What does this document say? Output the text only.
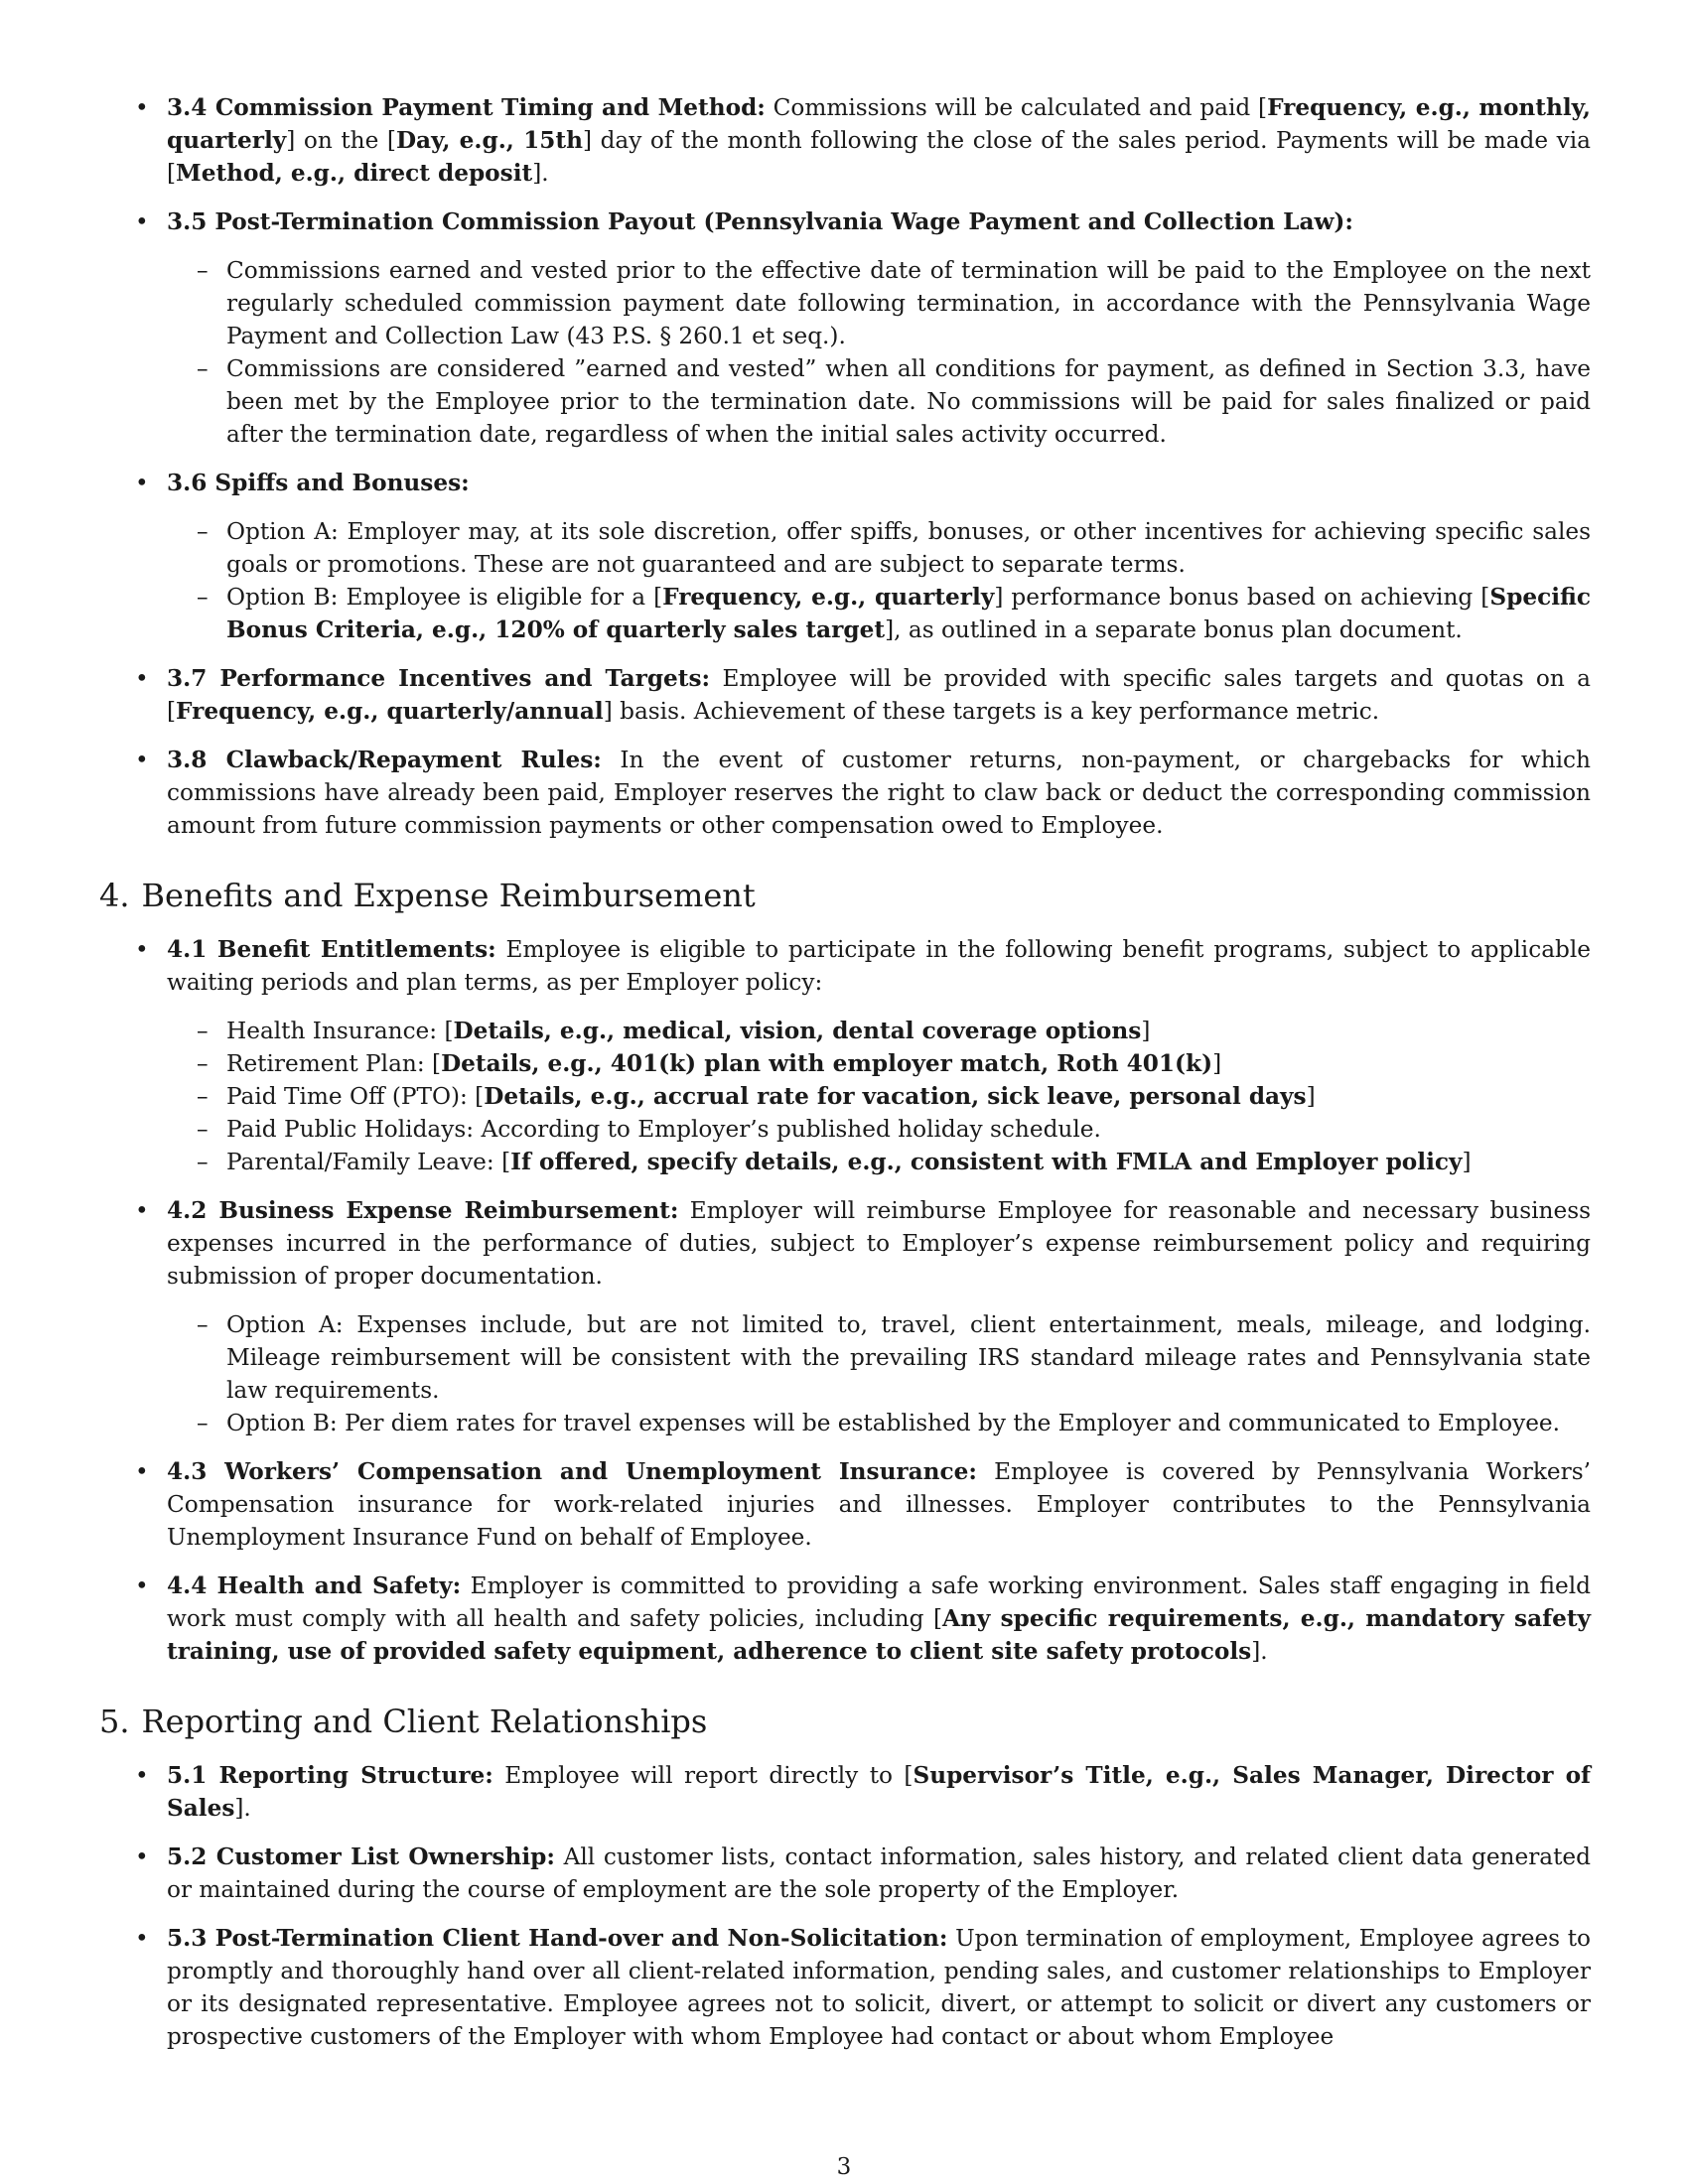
• 3.4 Commission Payment Timing and Method: Commissions will be calculated and paid [Frequency, e.g., monthly, quarterly] on the [Day, e.g., 15th] day of the month following the close of the sales period. Payments will be made via [Method, e.g., direct deposit].
• 3.5 Post-Termination Commission Payout (Pennsylvania Wage Payment and Collection Law):
– Commissions earned and vested prior to the effective date of termination will be paid to the Employee on the next regularly scheduled commission payment date following termination, in accordance with the Pennsylvania Wage Payment and Collection Law (43 P.S. § 260.1 et seq.).
– Commissions are considered ”earned and vested” when all conditions for payment, as defined in Section 3.3, have been met by the Employee prior to the termination date. No commissions will be paid for sales finalized or paid after the termination date, regardless of when the initial sales activity occurred.
• 3.6 Spiffs and Bonuses:
– Option A: Employer may, at its sole discretion, offer spiffs, bonuses, or other incentives for achieving specific sales goals or promotions. These are not guaranteed and are subject to separate terms.
– Option B: Employee is eligible for a [Frequency, e.g., quarterly] performance bonus based on achieving [Specific Bonus Criteria, e.g., 120% of quarterly sales target], as outlined in a separate bonus plan document.
• 3.7 Performance Incentives and Targets: Employee will be provided with specific sales targets and quotas on a [Frequency, e.g., quarterly/annual] basis. Achievement of these targets is a key performance metric.
• 3.8 Clawback/Repayment Rules: In the event of customer returns, non-payment, or chargebacks for which commissions have already been paid, Employer reserves the right to claw back or deduct the corresponding commission amount from future commission payments or other compensation owed to Employee.
4. Benefits and Expense Reimbursement
• 4.1 Benefit Entitlements: Employee is eligible to participate in the following benefit programs, subject to applicable waiting periods and plan terms, as per Employer policy:
– Health Insurance: [Details, e.g., medical, vision, dental coverage options]
– Retirement Plan: [Details, e.g., 401(k) plan with employer match, Roth 401(k)]
– Paid Time Off (PTO): [Details, e.g., accrual rate for vacation, sick leave, personal days]
– Paid Public Holidays: According to Employer’s published holiday schedule.
– Parental/Family Leave: [If offered, specify details, e.g., consistent with FMLA and Employer policy]
• 4.2 Business Expense Reimbursement: Employer will reimburse Employee for reasonable and necessary business expenses incurred in the performance of duties, subject to Employer’s expense reimbursement policy and requiring submission of proper documentation.
– Option A: Expenses include, but are not limited to, travel, client entertainment, meals, mileage, and lodging. Mileage reimbursement will be consistent with the prevailing IRS standard mileage rates and Pennsylvania state law requirements.
– Option B: Per diem rates for travel expenses will be established by the Employer and communicated to Employee.
• 4.3 Workers’ Compensation and Unemployment Insurance: Employee is covered by Pennsylvania Workers’ Compensation insurance for work-related injuries and illnesses. Employer contributes to the Pennsylvania Unemployment Insurance Fund on behalf of Employee.
• 4.4 Health and Safety: Employer is committed to providing a safe working environment. Sales staff engaging in field work must comply with all health and safety policies, including [Any specific requirements, e.g., mandatory safety training, use of provided safety equipment, adherence to client site safety protocols].
5. Reporting and Client Relationships
• 5.1 Reporting Structure: Employee will report directly to [Supervisor’s Title, e.g., Sales Manager, Director of Sales].
• 5.2 Customer List Ownership: All customer lists, contact information, sales history, and related client data generated or maintained during the course of employment are the sole property of the Employer.
• 5.3 Post-Termination Client Hand-over and Non-Solicitation: Upon termination of employment, Employee agrees to promptly and thoroughly hand over all client-related information, pending sales, and customer relationships to Employer or its designated representative. Employee agrees not to solicit, divert, or attempt to solicit or divert any customers or prospective customers of the Employer with whom Employee had contact or about whom Employee
3
